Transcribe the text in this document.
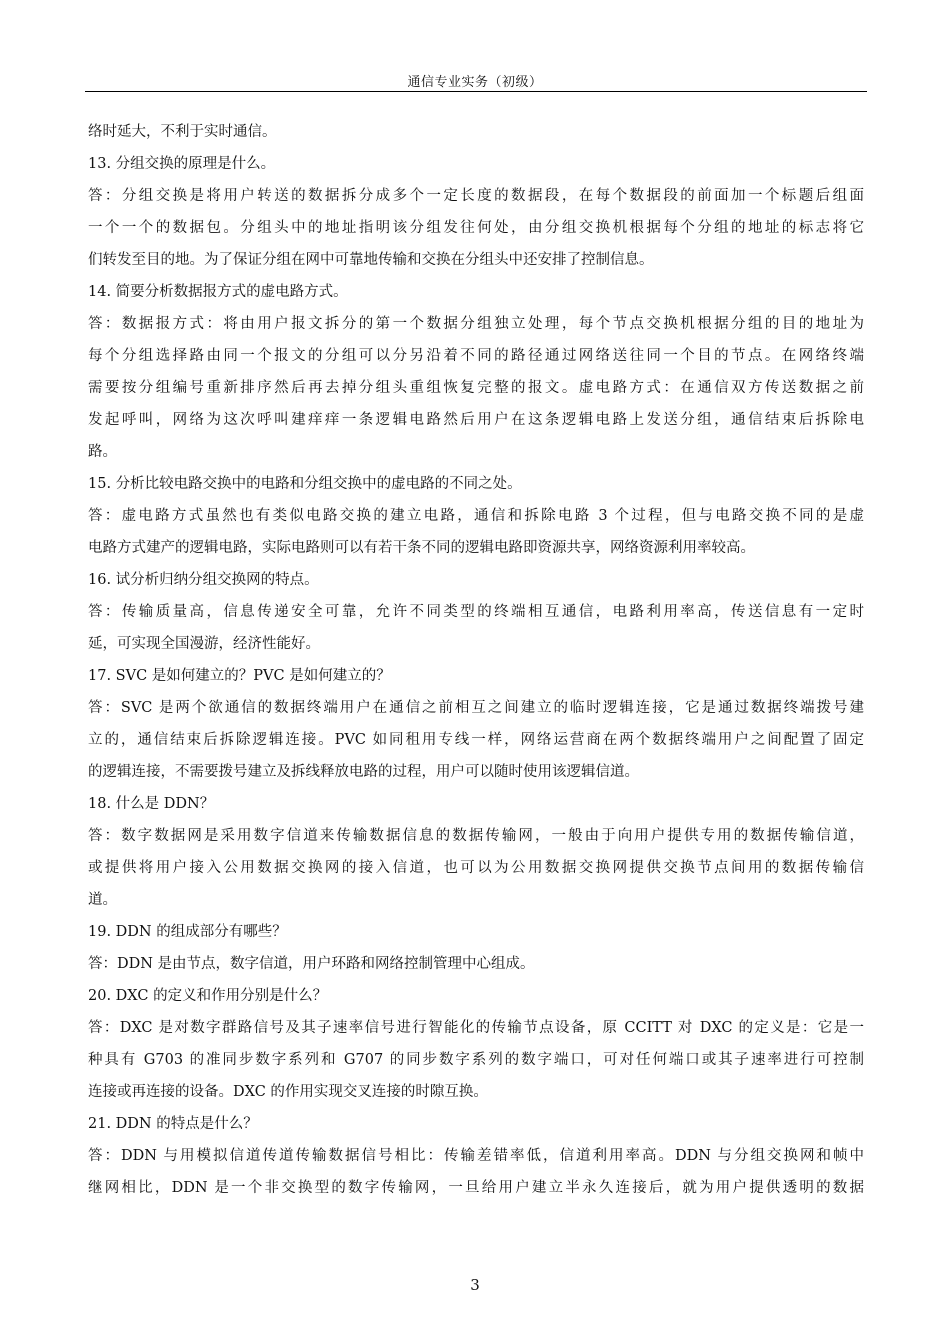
通信专业实务（初级）
络时延大，不利于实时通信。
13. 分组交换的原理是什么。
答：分组交换是将用户转送的数据拆分成多个一定长度的数据段，在每个数据段的前面加一个标题后组面
一个一个的数据包。分组头中的地址指明该分组发往何处，由分组交换机根据每个分组的地址的标志将它
们转发至目的地。为了保证分组在网中可靠地传输和交换在分组头中还安排了控制信息。
14. 简要分析数据报方式的虚电路方式。
答：数据报方式：将由用户报文拆分的第一个数据分组独立处理，每个节点交换机根据分组的目的地址为
每个分组选择路由同一个报文的分组可以分另沿着不同的路径通过网络送往同一个目的节点。在网络终端
需要按分组编号重新排序然后再去掉分组头重组恢复完整的报文。虚电路方式：在通信双方传送数据之前
发起呼叫，网络为这次呼叫建痒痒一条逻辑电路然后用户在这条逻辑电路上发送分组，通信结束后拆除电
路。
15. 分析比较电路交换中的电路和分组交换中的虚电路的不同之处。
答：虚电路方式虽然也有类似电路交换的建立电路，通信和拆除电路 3 个过程，但与电路交换不同的是虚
电路方式建产的逻辑电路，实际电路则可以有若干条不同的逻辑电路即资源共享，网络资源利用率较高。
16. 试分析归纳分组交换网的特点。
答：传输质量高，信息传递安全可靠，允许不同类型的终端相互通信，电路利用率高，传送信息有一定时
延，可实现全国漫游，经济性能好。
17. SVC 是如何建立的？PVC 是如何建立的？
答：SVC 是两个欲通信的数据终端用户在通信之前相互之间建立的临时逻辑连接，它是通过数据终端拨号建
立的，通信结束后拆除逻辑连接。PVC 如同租用专线一样，网络运营商在两个数据终端用户之间配置了固定
的逻辑连接，不需要拨号建立及拆线释放电路的过程，用户可以随时使用该逻辑信道。
18. 什么是 DDN？
答：数字数据网是采用数字信道来传输数据信息的数据传输网，一般由于向用户提供专用的数据传输信道，
或提供将用户接入公用数据交换网的接入信道，也可以为公用数据交换网提供交换节点间用的数据传输信
道。
19. DDN 的组成部分有哪些？
答：DDN 是由节点，数字信道，用户环路和网络控制管理中心组成。
20. DXC 的定义和作用分别是什么？
答：DXC 是对数字群路信号及其子速率信号进行智能化的传输节点设备，原 CCITT 对 DXC 的定义是：它是一
种具有 G703 的准同步数字系列和 G707 的同步数字系列的数字端口，可对任何端口或其子速率进行可控制
连接或再连接的设备。DXC 的作用实现交叉连接的时隙互换。
21. DDN 的特点是什么？
答：DDN 与用模拟信道传道传输数据信号相比：传输差错率低，信道利用率高。DDN 与分组交换网和帧中
继网相比，DDN 是一个非交换型的数字传输网，一旦给用户建立半永久连接后，就为用户提供透明的数据
3
